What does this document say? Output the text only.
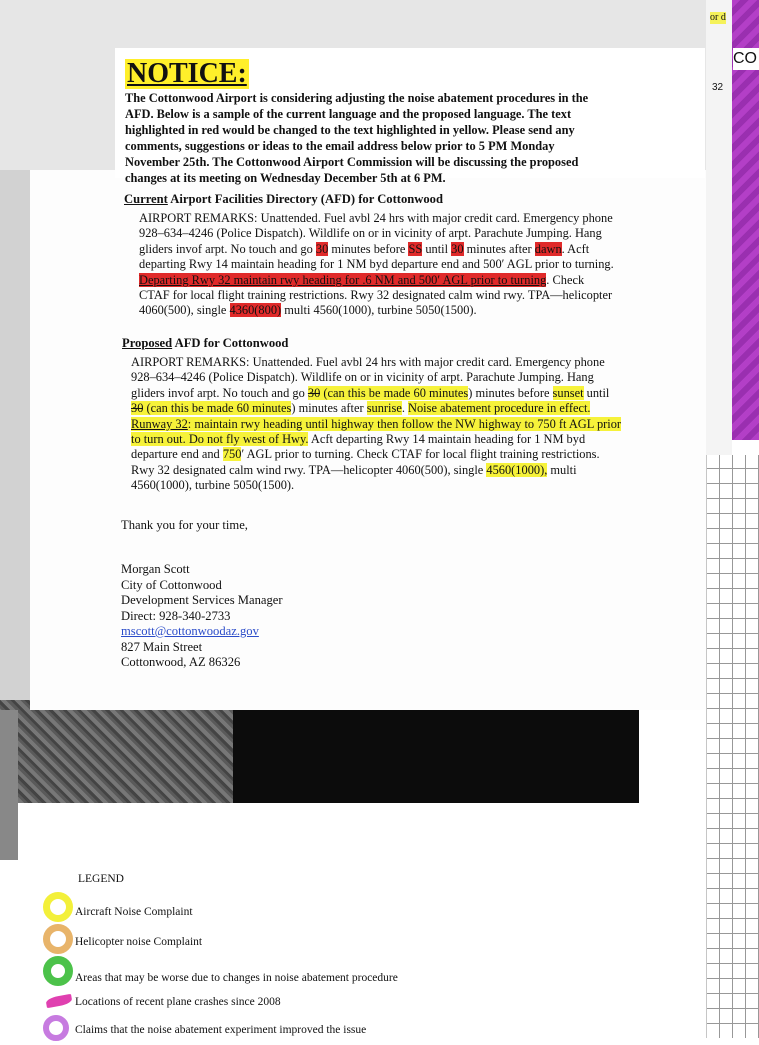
CO
32
or d
NOTICE:
The Cottonwood Airport is considering adjusting the noise abatement procedures in the
AFD. Below is a sample of the current language and the proposed language. The text
highlighted in red would be changed to the text highlighted in yellow. Please send any
comments, suggestions or ideas to the email address below prior to 5 PM Monday
November 25th. The Cottonwood Airport Commission will be discussing the proposed
changes at its meeting on Wednesday December 5th at 6 PM.
Current Airport Facilities Directory (AFD) for Cottonwood
AIRPORT REMARKS: Unattended. Fuel avbl 24 hrs with major credit card. Emergency phone
928–634–4246 (Police Dispatch). Wildlife on or in vicinity of arpt. Parachute Jumping. Hang
gliders invof arpt. No touch and go 30 minutes before SS until 30 minutes after dawn. Acft
departing Rwy 14 maintain heading for 1 NM byd departure end and 500′ AGL prior to turning.
Departing Rwy 32 maintain rwy heading for .6 NM and 500′ AGL prior to turning. Check
CTAF for local flight training restrictions. Rwy 32 designated calm wind rwy. TPA—helicopter
4060(500), single 4360(800) multi 4560(1000), turbine 5050(1500).
Proposed AFD for Cottonwood
AIRPORT REMARKS: Unattended. Fuel avbl 24 hrs with major credit card. Emergency phone
928–634–4246 (Police Dispatch). Wildlife on or in vicinity of arpt. Parachute Jumping. Hang
gliders invof arpt. No touch and go 30 (can this be made 60 minutes) minutes before sunset until
30 (can this be made 60 minutes) minutes after sunrise. Noise abatement procedure in effect.
Runway 32: maintain rwy heading until highway then follow the NW highway to 750 ft AGL prior
to turn out. Do not fly west of Hwy. Acft departing Rwy 14 maintain heading for 1 NM byd
departure end and 750′ AGL prior to turning. Check CTAF for local flight training restrictions.
Rwy 32 designated calm wind rwy. TPA—helicopter 4060(500), single 4560(1000), multi
4560(1000), turbine 5050(1500).
Thank you for your time,
Morgan Scott
City of Cottonwood
Development Services Manager
Direct: 928-340-2733
mscott@cottonwoodaz.gov
827 Main Street
Cottonwood, AZ 86326
LEGEND
Aircraft Noise Complaint
Helicopter noise Complaint
Areas that may be worse due to changes in noise abatement procedure
Locations of recent plane crashes since 2008
Claims that the noise abatement experiment improved the issue
